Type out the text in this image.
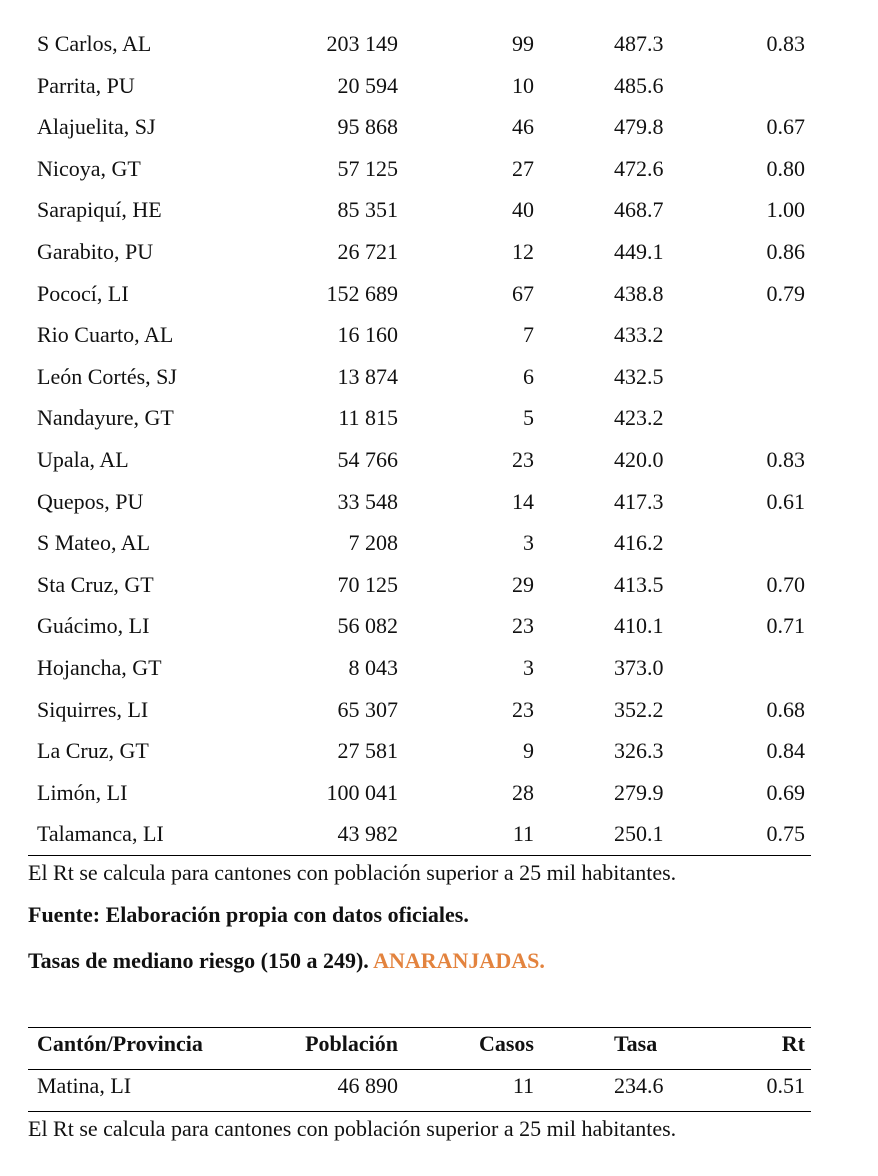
S Carlos, AL	203 149	99	487.3	0.83
Parrita, PU	20 594	10	485.6
Alajuelita, SJ	95 868	46	479.8	0.67
Nicoya, GT	57 125	27	472.6	0.80
Sarapiquí, HE	85 351	40	468.7	1.00
Garabito, PU	26 721	12	449.1	0.86
Pococí, LI	152 689	67	438.8	0.79
Rio Cuarto, AL	16 160	7	433.2
León Cortés, SJ	13 874	6	432.5
Nandayure, GT	11 815	5	423.2
Upala, AL	54 766	23	420.0	0.83
Quepos, PU	33 548	14	417.3	0.61
S Mateo, AL	7 208	3	416.2
Sta Cruz, GT	70 125	29	413.5	0.70
Guácimo, LI	56 082	23	410.1	0.71
Hojancha, GT	8 043	3	373.0
Siquirres, LI	65 307	23	352.2	0.68
La Cruz, GT	27 581	9	326.3	0.84
Limón, LI	100 041	28	279.9	0.69
Talamanca, LI	43 982	11	250.1	0.75
El Rt se calcula para cantones con población superior a 25 mil habitantes.
Fuente: Elaboración propia con datos oficiales.
Tasas de mediano riesgo (150 a 249). ANARANJADAS.
Cantón/Provincia	Población	Casos	Tasa	Rt
Matina, LI	46 890	11	234.6	0.51
El Rt se calcula para cantones con población superior a 25 mil habitantes.
